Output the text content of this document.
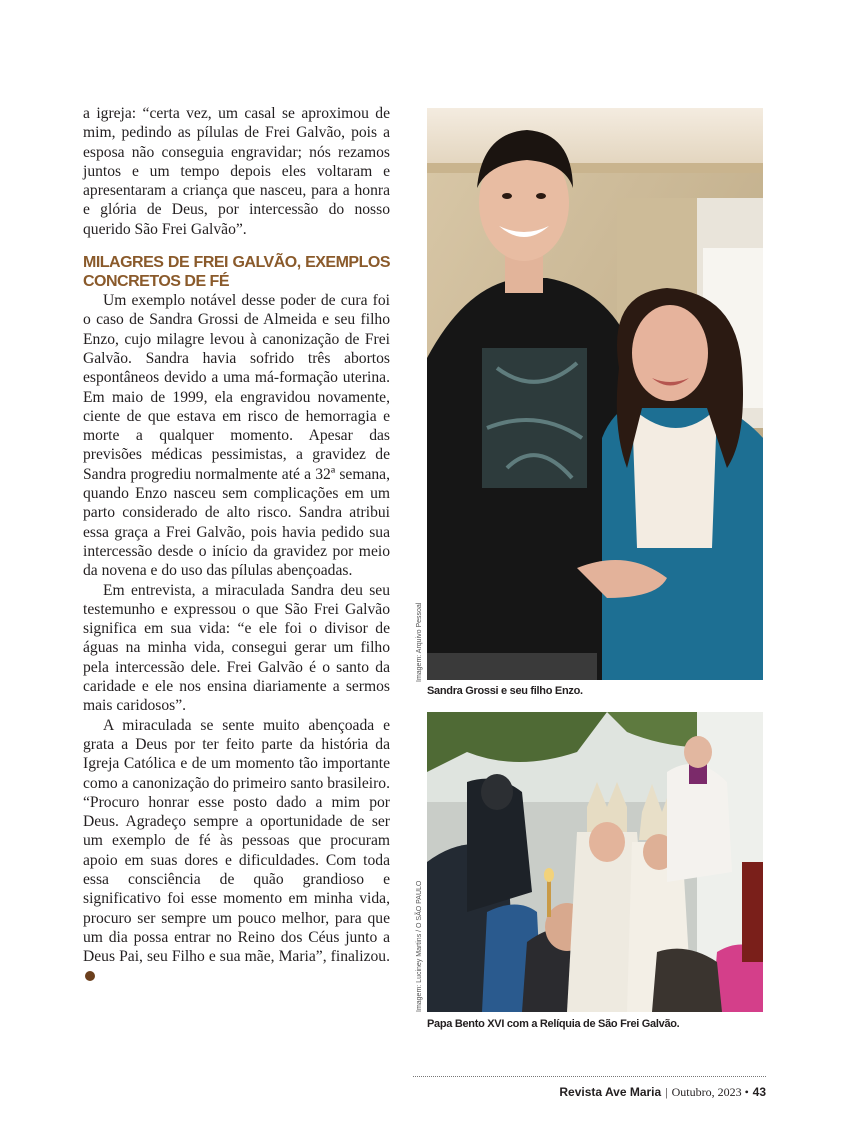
a igreja: “certa vez, um casal se aproximou de mim, pedindo as pílulas de Frei Galvão, pois a esposa não conseguia engravidar; nós rezamos juntos e um tempo depois eles voltaram e apresentaram a criança que nasceu, para a honra e glória de Deus, por intercessão do nosso querido São Frei Galvão”.

MILAGRES DE FREI GALVÃO, EXEMPLOS CONCRETOS DE FÉ

Um exemplo notável desse poder de cura foi o caso de Sandra Grossi de Almeida e seu filho Enzo, cujo milagre levou à canonização de Frei Galvão. Sandra havia sofrido três abortos espontâneos devido a uma má-formação uterina. Em maio de 1999, ela engravidou novamente, ciente de que estava em risco de hemorragia e morte a qualquer momento. Apesar das previsões médicas pessimistas, a gravidez de Sandra progrediu normalmente até a 32ª semana, quando Enzo nasceu sem complicações em um parto considerado de alto risco. Sandra atribui essa graça a Frei Galvão, pois havia pedido sua intercessão desde o início da gravidez por meio da novena e do uso das pílulas abençoadas.

Em entrevista, a miraculada Sandra deu seu testemunho e expressou o que São Frei Galvão significa em sua vida: “e ele foi o divisor de águas na minha vida, consegui gerar um filho pela intercessão dele. Frei Galvão é o santo da caridade e ele nos ensina diariamente a sermos mais caridosos”.

A miraculada se sente muito abençoada e grata a Deus por ter feito parte da história da Igreja Católica e de um momento tão importante como a canonização do primeiro santo brasileiro. “Procuro honrar esse posto dado a mim por Deus. Agradeço sempre a oportunidade de ser um exemplo de fé às pessoas que procuram apoio em suas dores e dificuldades. Com toda essa consciência de quão grandioso e significativo foi esse momento em minha vida, procuro ser sempre um pouco melhor, para que um dia possa entrar no Reino dos Céus junto a Deus Pai, seu Filho e sua mãe, Maria”, finalizou.

Imagem: Arquivo Pessoal
Sandra Grossi e seu filho Enzo.
Imagem: Luciney Martins / O SÃO PAULO
Papa Bento XVI com a Relíquia de São Frei Galvão.
Revista Ave Maria | Outubro, 2023 • 43
